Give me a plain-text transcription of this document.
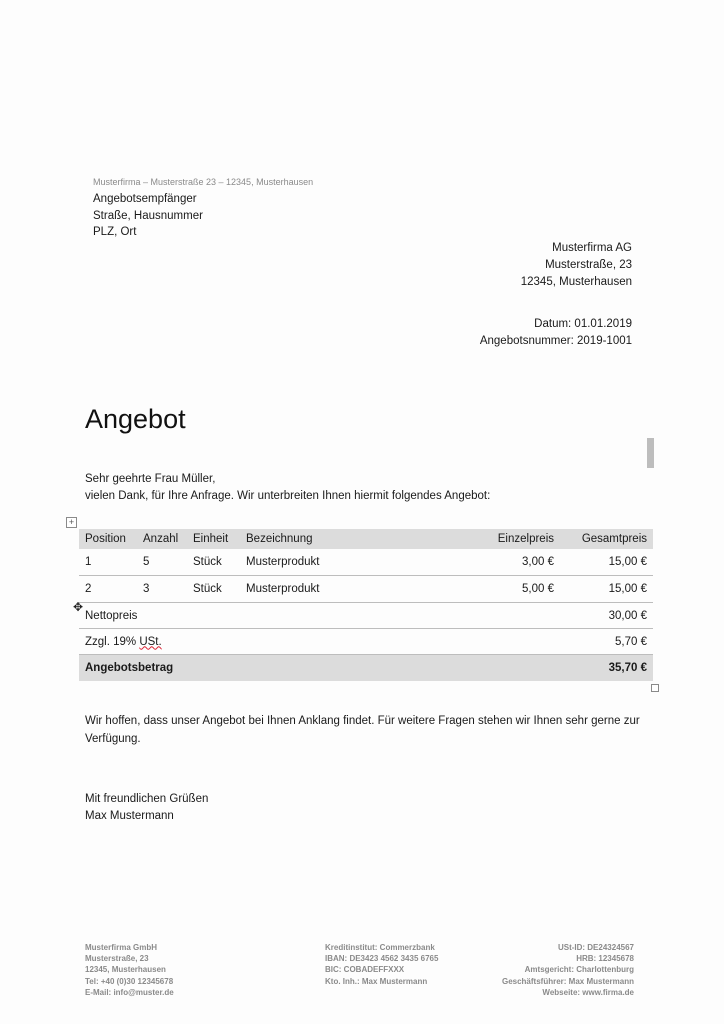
Musterfirma – Musterstraße 23 – 12345, Musterhausen
Angebotsempfänger
Straße, Hausnummer
PLZ, Ort
Musterfirma AG
Musterstraße, 23
12345, Musterhausen
Datum: 01.01.2019
Angebotsnummer: 2019-1001
Angebot
Sehr geehrte Frau Müller,
vielen Dank, für Ihre Anfrage. Wir unterbreiten Ihnen hiermit folgendes Angebot:
+
Position	Anzahl	Einheit	Bezeichnung	Einzelpreis	Gesamtpreis
1	5	Stück	Musterprodukt	3,00 €	15,00 €
2	3	Stück	Musterprodukt	5,00 €	15,00 €
Nettopreis					30,00 €
Zzgl. 19% USt.					5,70 €
Angebotsbetrag					35,70 €
✥
Wir hoffen, dass unser Angebot bei Ihnen Anklang findet. Für weitere Fragen stehen wir Ihnen sehr gerne zur Verfügung.
Mit freundlichen Grüßen
Max Mustermann
Musterfirma GmbH
Musterstraße, 23
12345, Musterhausen
Tel: +40 (0)30 12345678
E-Mail: info@muster.de
Kreditinstitut: Commerzbank
IBAN: DE3423 4562 3435 6765
BIC: COBADEFFXXX
Kto. Inh.: Max Mustermann
USt-ID: DE24324567
HRB: 12345678
Amtsgericht: Charlottenburg
Geschäftsführer: Max Mustermann
Webseite: www.firma.de
